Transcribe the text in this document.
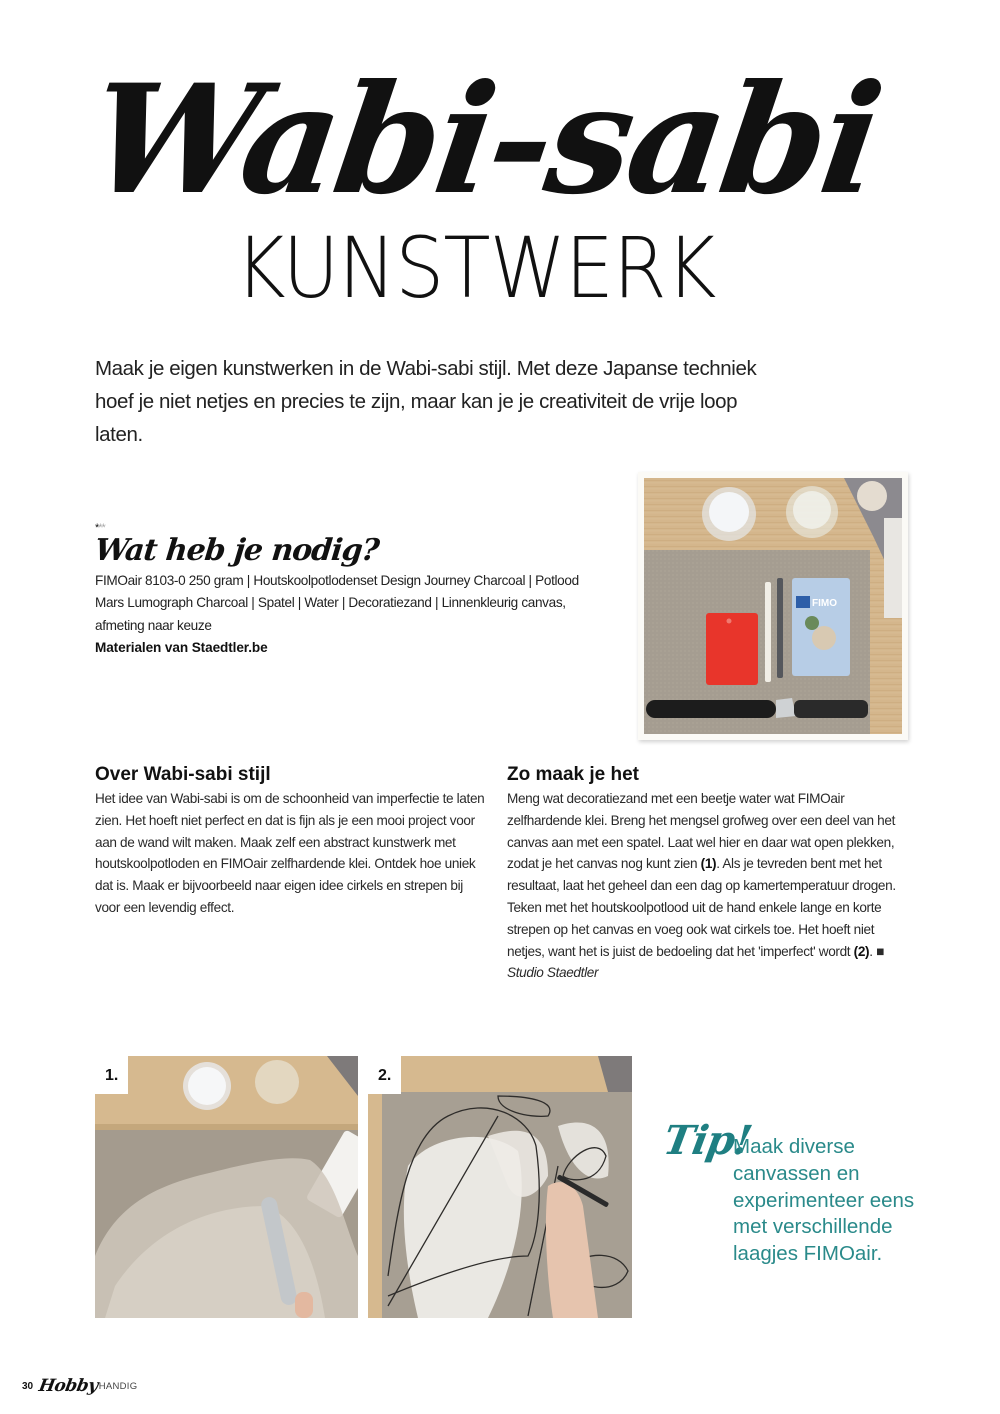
Wabi-sabi
KUNSTWERK

Maak je eigen kunstwerken in de Wabi-sabi stijl. Met deze Japanse techniek hoef je niet netjes en precies te zijn, maar kan je je creativiteit de vrije loop laten.

***
Wat heb je nodig?
FIMOair 8103-0 250 gram | Houtskoolpotlodenset Design Journey Charcoal | Potlood Mars Lumograph Charcoal | Spatel | Water | Decoratiezand | Linnenkleurig canvas, afmeting naar keuze
Materialen van Staedtler.be
FIMO
Over Wabi-sabi stijl

Het idee van Wabi-sabi is om de schoonheid van imperfectie te laten zien. Het hoeft niet perfect en dat is fijn als je een mooi project voor aan de wand wilt maken. Maak zelf een abstract kunstwerk met houtskoolpotloden en FIMOair zelfhardende klei. Ontdek hoe uniek dat is. Maak er bijvoorbeeld naar eigen idee cirkels en strepen bij voor een levendig effect.

Zo maak je het

Meng wat decoratiezand met een beetje water wat FIMOair zelfhardende klei. Breng het mengsel grofweg over een deel van het canvas aan met een spatel. Laat wel hier en daar wat open plekken, zodat je het canvas nog kunt zien (1). Als je tevreden bent met het resultaat, laat het geheel dan een dag op kamertemperatuur drogen. Teken met het houtskoolpotlood uit de hand enkele lange en korte strepen op het canvas en voeg ook wat cirkels toe. Het hoeft niet netjes, want het is juist de bedoeling dat het 'imperfect' wordt (2). ■
Studio Staedtler

1.	2.
Tip!

Maak diverse canvassen en experimenteer eens met verschillende laagjes FIMOair.

30 Hobby HANDIG
